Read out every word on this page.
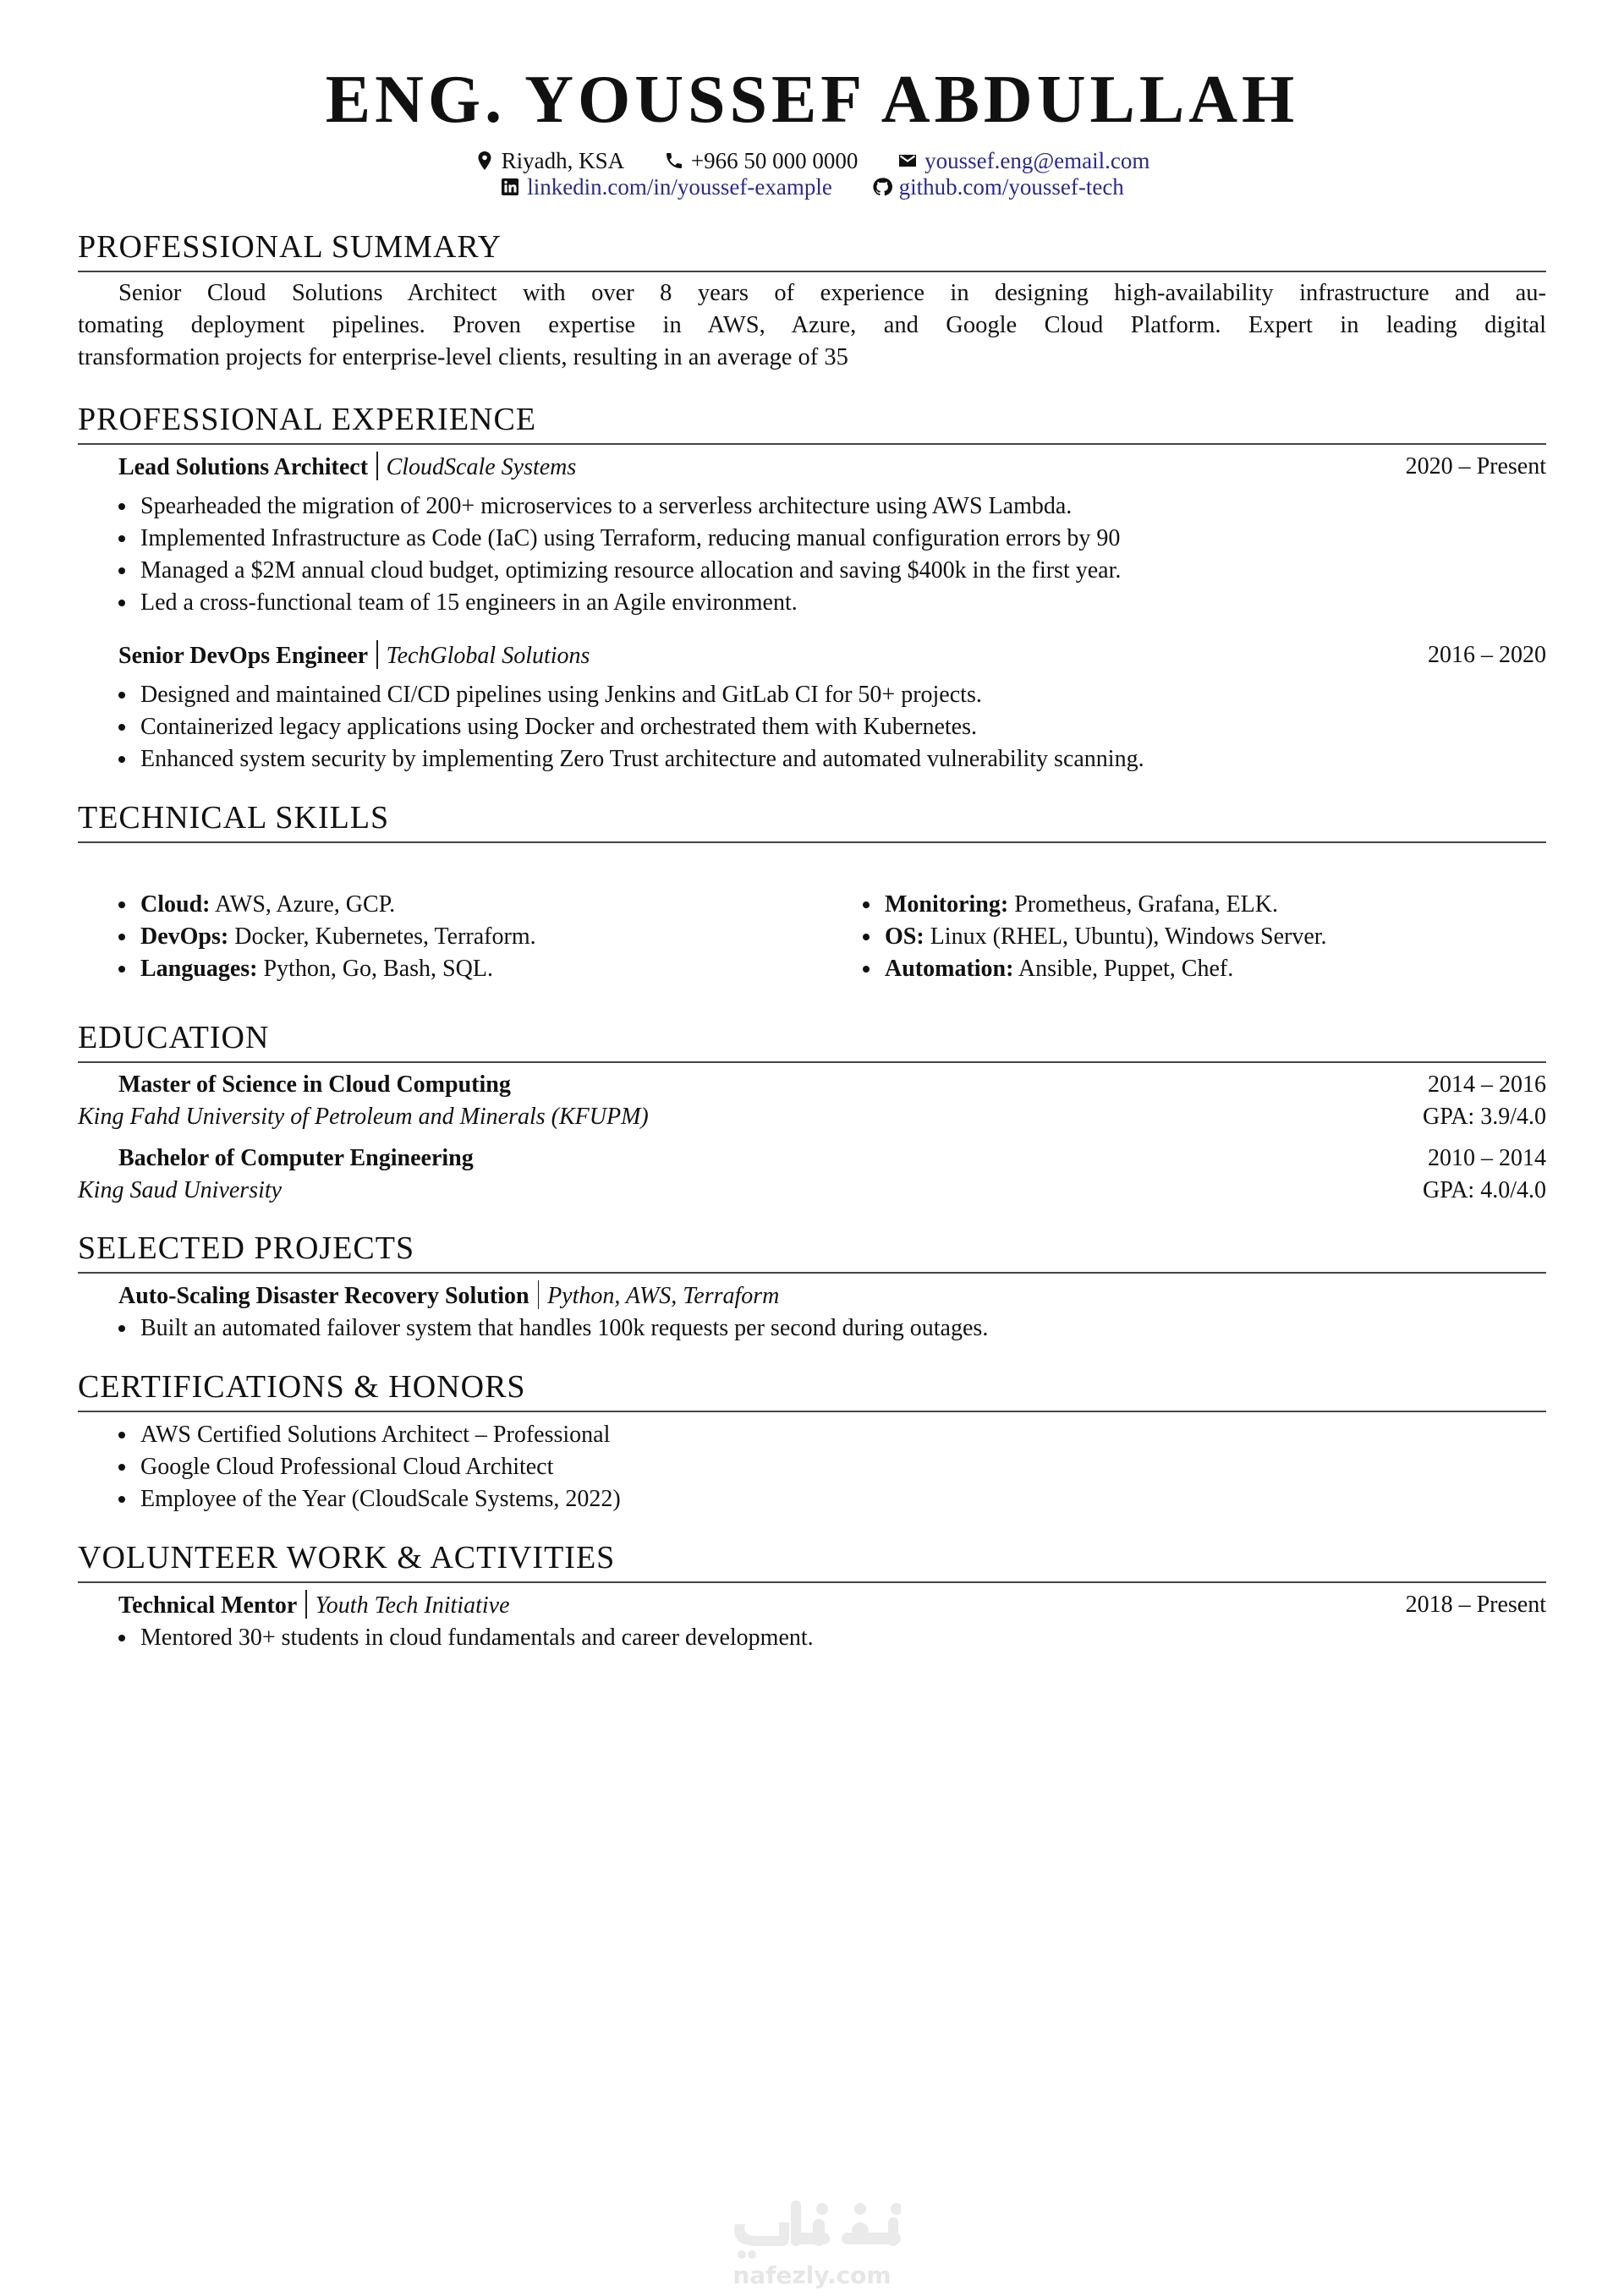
ENG. YOUSSEF ABDULLAH
Riyadh, KSA
	+966 50 000 0000
	youssef.eng@email.com
linkedin.com/in/youssef-example
	github.com/youssef-tech
PROFESSIONAL SUMMARY
Senior Cloud Solutions Architect with over 8 years of experience in designing high-availability infrastructure and au-
tomating deployment pipelines. Proven expertise in AWS, Azure, and Google Cloud Platform. Expert in leading digital
transformation projects for enterprise-level clients, resulting in an average of 35
PROFESSIONAL EXPERIENCE
Lead Solutions Architect CloudScale Systems	2020 – Present
Spearheaded the migration of 200+ microservices to a serverless architecture using AWS Lambda.
Implemented Infrastructure as Code (IaC) using Terraform, reducing manual configuration errors by 90
Managed a $2M annual cloud budget, optimizing resource allocation and saving $400k in the first year.
Led a cross-functional team of 15 engineers in an Agile environment.
Senior DevOps Engineer TechGlobal Solutions	2016 – 2020
Designed and maintained CI/CD pipelines using Jenkins and GitLab CI for 50+ projects.
Containerized legacy applications using Docker and orchestrated them with Kubernetes.
Enhanced system security by implementing Zero Trust architecture and automated vulnerability scanning.
TECHNICAL SKILLS
Cloud: AWS, Azure, GCP.
DevOps: Docker, Kubernetes, Terraform.
Languages: Python, Go, Bash, SQL.
Monitoring: Prometheus, Grafana, ELK.
OS: Linux (RHEL, Ubuntu), Windows Server.
Automation: Ansible, Puppet, Chef.
EDUCATION
Master of Science in Cloud Computing	2014 – 2016
King Fahd University of Petroleum and Minerals (KFUPM)	GPA: 3.9/4.0
Bachelor of Computer Engineering	2010 – 2014
King Saud University	GPA: 4.0/4.0
SELECTED PROJECTS
Auto-Scaling Disaster Recovery Solution Python, AWS, Terraform
Built an automated failover system that handles 100k requests per second during outages.
CERTIFICATIONS & HONORS
AWS Certified Solutions Architect – Professional
Google Cloud Professional Cloud Architect
Employee of the Year (CloudScale Systems, 2022)
VOLUNTEER WORK & ACTIVITIES
Technical Mentor Youth Tech Initiative	2018 – Present
Mentored 30+ students in cloud fundamentals and career development.
nafezly.com
